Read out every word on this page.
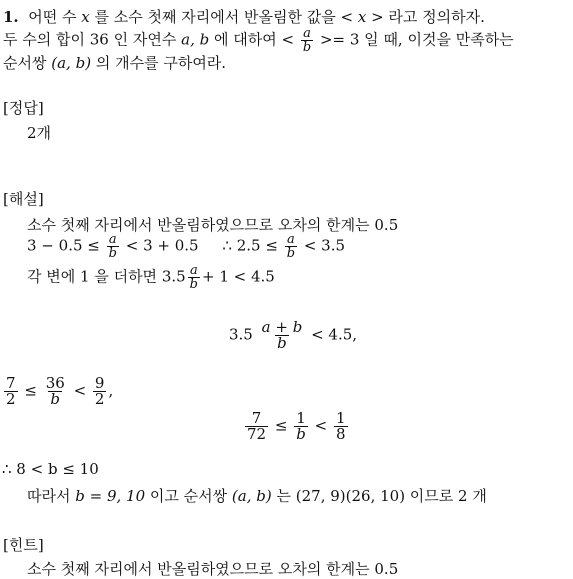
1. 어떤 수 x 를 소수 첫째 자리에서 반올림한 값을 < x > 라고 정의하자.
두 수의 합이 36 인 자연수 a, b 에 대하여 < $\frac{a}{b} >= 3$ 일 때, 이것을 만족하는
순서쌍 (a, b) 의 개수를 구하여라.
[정답]
2개
[해설]
소수 첫째 자리에서 반올림하였으므로 오차의 한계는 0.5
$3 - 0.5 \le \frac{a}{b} < 3 + 0.5$ ∴ $2.5 \le \frac{a}{b} < 3.5$
각 변에 1 을 더하면 $3.5 \frac{a}{b} + 1 < 4.5$
$3.5 \frac{a + b}{b} < 4.5$,
$\frac{7}{2} \le \frac{36}{b} < \frac{9}{2}$ ,
$\frac{7}{72} \le \frac{1}{b} < \frac{1}{8}$
∴ 8 < b ≤ 10
따라서 b = 9, 10 이고 순서쌍 (a, b) 는 (27, 9)(26, 10) 이므로 2 개
[힌트]
소수 첫째 자리에서 반올림하였으므로 오차의 한계는 0.5
